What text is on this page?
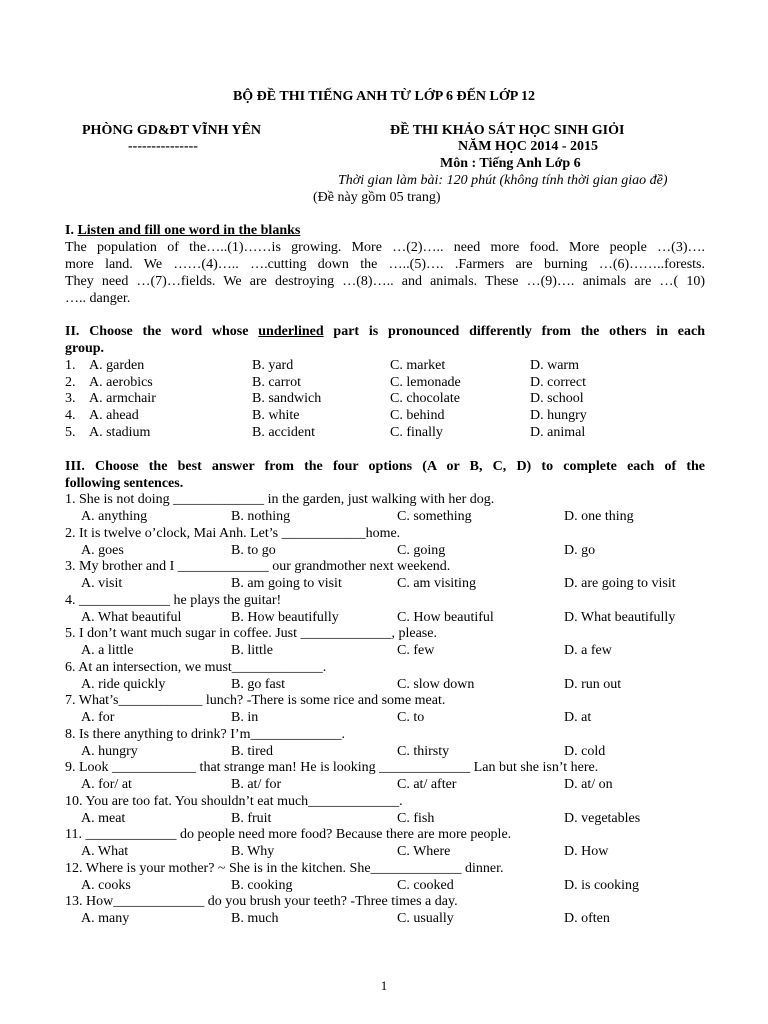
BỘ ĐỀ THI TIẾNG ANH TỪ LỚP 6 ĐẾN LỚP 12
PHÒNG GD&ĐT VĨNH YÊN
---------------
ĐỀ THI KHẢO SÁT HỌC SINH GIỎI
NĂM HỌC 2014 - 2015
Môn : Tiếng Anh Lớp 6
Thời gian làm bài: 120 phút (không tính thời gian giao đề)
(Đề này gồm 05 trang)
I. Listen and fill one word in the blanks
The population of the…..(1)……is growing. More …(2)….. need more food. More people …(3)….
more land. We ……(4)….. ….cutting down the …..(5)…. .Farmers are burning …(6)……..forests.
They need …(7)…fields. We are destroying …(8)….. and animals. These …(9)…. animals are …( 10)
….. danger.
II. Choose the word whose underlined part is pronounced differently from the others in each
group.
1. A. garden	B. yard	C. market	D. warm
2. A. aerobics	B. carrot	C. lemonade	D. correct
3. A. armchair	B. sandwich	C. chocolate	D. school
4. A. ahead	B. white	C. behind	D. hungry
5. A. stadium	B. accident	C. finally	D. animal
III. Choose the best answer from the four options (A or B, C, D) to complete each of the
following sentences.
1. She is not doing _____________ in the garden, just walking with her dog.
A. anything	B. nothing	C. something	D. one thing
2. It is twelve o’clock, Mai Anh. Let’s ____________home.
A. goes	B. to go	C. going	D. go
3. My brother and I _____________ our grandmother next weekend.
A. visit	B. am going to visit	C. am visiting	D. are going to visit
4. _____________ he plays the guitar!
A. What beautiful	B. How beautifully	C. How beautiful	D. What beautifully
5. I don’t want much sugar in coffee. Just _____________, please.
A. a little	B. little	C. few	D. a few
6. At an intersection, we must_____________.
A. ride quickly	B. go fast	C. slow down	D. run out
7. What’s____________ lunch? -There is some rice and some meat.
A. for	B. in	C. to	D. at
8. Is there anything to drink? I’m_____________.
A. hungry	B. tired	C. thirsty	D. cold
9. Look ____________ that strange man! He is looking _____________ Lan but she isn’t here.
A. for/ at	B. at/ for	C. at/ after	D. at/ on
10. You are too fat. You shouldn’t eat much_____________.
A. meat	B. fruit	C. fish	D. vegetables
11. _____________ do people need more food? Because there are more people.
A. What	B. Why	C. Where	D. How
12. Where is your mother? ~ She is in the kitchen. She_____________ dinner.
A. cooks	B. cooking	C. cooked	D. is cooking
13. How_____________ do you brush your teeth? -Three times a day.
A. many	B. much	C. usually	D. often
1
